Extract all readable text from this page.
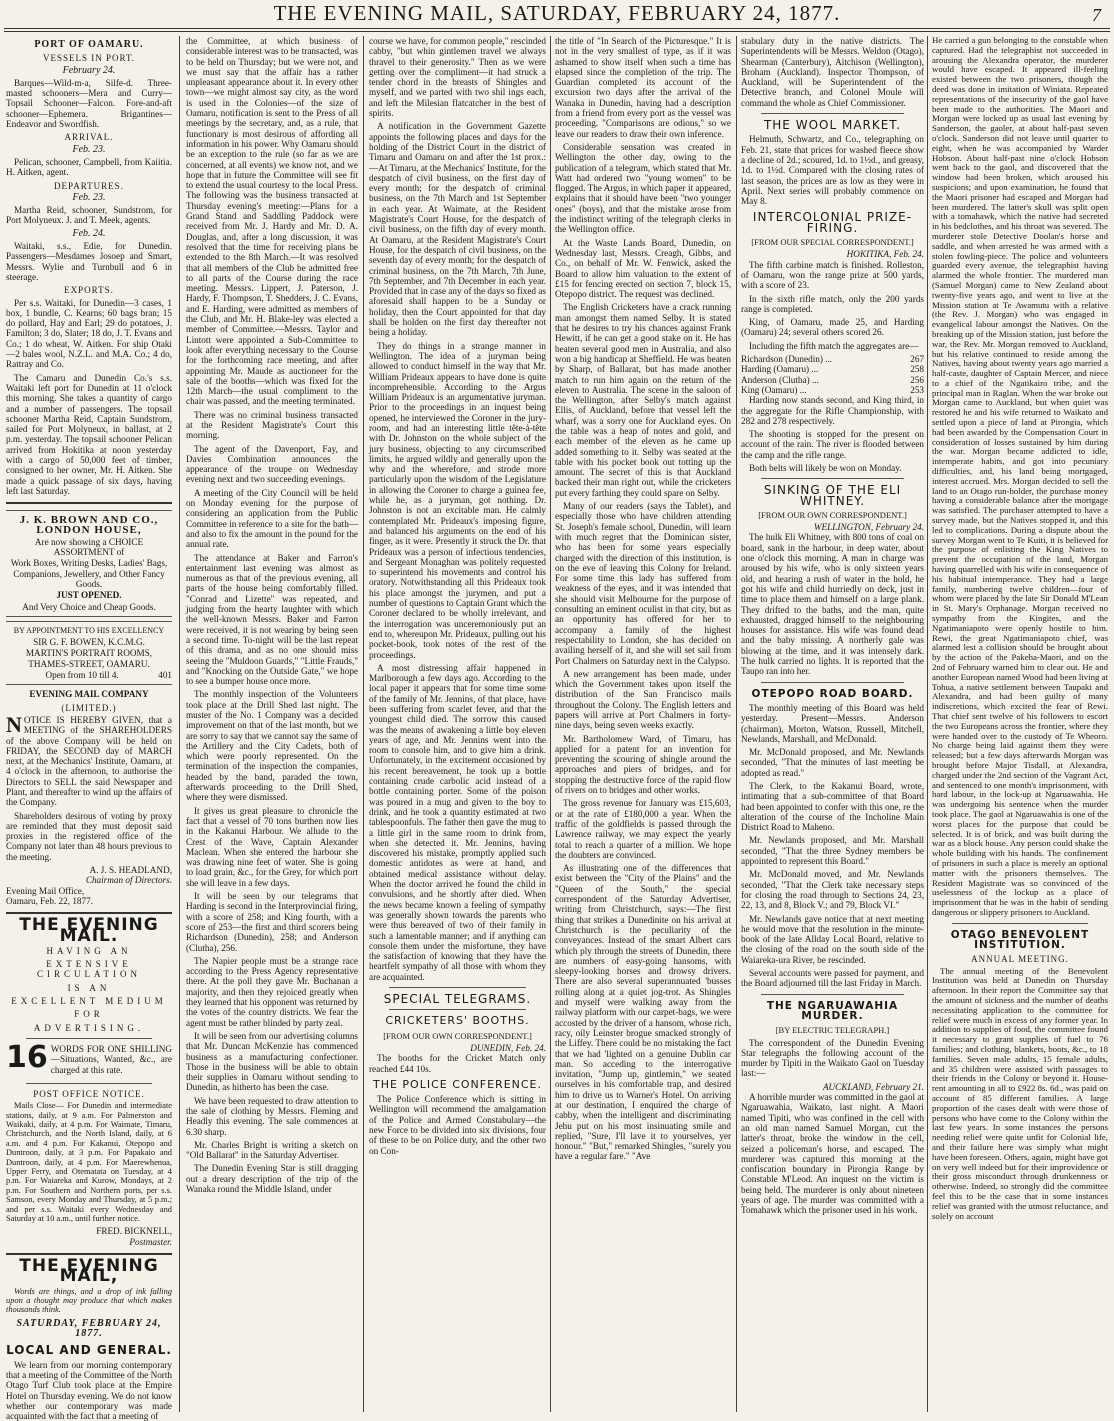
THE EVENING MAIL, SATURDAY, FEBRUARY 24, 1877.	7
PORT OF OAMARU.
VESSELS IN PORT.
February 24.

Barques—Wild-m-a, Silfe-d. Three-masted schooners—Mera and Curry—Topsail Schooner—Falcon. Fore-and-aft schooner—Ephemera. Brigantines—Endeavor and Swordfish.

ARRIVAL.
Feb. 23.

Pelican, schooner, Campbell, from Kaiitia. H. Aitken, agent.

DEPARTURES.
Feb. 23.

Martha Reid, schooner, Sundstrom, for Port Molyneux. J. and T. Meek, agents.

Feb. 24.

Waitaki, s.s., Edie, for Dunedin. Passengers—Mesdames Josoep and Smart, Messrs. Wylie and Turnbull and 6 in steerage.

EXPORTS.

Per s.s. Waitaki, for Dunedin—3 cases, 1 box, 1 bundle, C. Kearns; 60 bags bran; 15 do pollard, Hay and Earl; 29 do potatoes, J. Familton; 3 do, Slater; 18 do, J. T. Evans and Co.; 1 do wheat, W. Aitken. For ship Otaki—2 bales wool, N.Z.L. and M.A. Co.; 4 do, Rattray and Co.

The Camaru and Dunedin Co.'s s.s. Waitaki left port for Dunedin at 11 o'clock this morning. She takes a quantity of cargo and a number of passengers. The topsail schooner Martha Reid, Captain Sundstrom, sailed for Port Molyneux, in ballast, at 2 p.m. yesterday. The topsail schooner Pelican arrived from Hokitika at noon yesterday with a cargo of 50,000 feet of timber, consigned to her owner, Mr. H. Aitken. She made a quick passage of six days, having left last Saturday.

J. K. BROWN AND CO., LONDON HOUSE,
Are now showing a CHOICE ASSORTMENT of
Work Boxes, Writing Desks, Ladies' Bags, Companions, Jewellery, and Other Fancy Goods.
JUST OPENED.
And Very Choice and Cheap Goods.
BY APPOINTMENT TO HIS EXCELLENCY
SIR G. F. BOWEN, K.C.M.G.
MARTIN'S PORTRAIT ROOMS, THAMES-STREET, OAMARU.
Open from 10 till 4.	401
EVENING MAIL COMPANY
(LIMITED.)

NOTICE IS HEREBY GIVEN, that a MEETING of the SHAREHOLDERS of the above Company will be held on FRIDAY, the SECOND day of MARCH next, at the Mechanics' Institute, Oamaru, at 4 o'clock in the afternoon, to authorise the Directors to SELL the said Newspaper and Plant, and thereafter to wind up the affairs of the Company.

Shareholders desirous of voting by proxy are reminded that they must deposit said proxies in the registered office of the Company not later than 48 hours previous to the meeting.

A. J. S. HEADLAND,
Chairman of Directors.
Evening Mail Office,
Oamaru, Feb. 22, 1877.
THE EVENING MAIL.
HAVING AN
EXTENSIVE CIRCULATION
IS AN
EXCELLENT MEDIUM
FOR
ADVERTISING.

16 WORDS FOR ONE SHILLING—Situations, Wanted, &c., are charged at this rate.

POST OFFICE NOTICE.

Mails Close— For Dunedin and intermediate stations, daily, at 9 a.m. For Palmerston and Waikaki, daily, at 4 p.m. For Waimate, Timaru, Christchurch, and the North Island, daily, at 6 a.m. and 4 p.m. For Kakanui, Otepopo and Duntroon, daily, at 3 p.m. For Papakaio and Duntroon, daily, at 4 p.m. For Maerewhenua, Upper Ferry, and Otematata on Tuesday, at 4 p.m. For Waiareka and Kurow, Mondays, at 2 p.m. For Southern and Northern ports, per s.s. Samson, every Monday and Thursday, at 5 p.m.; and per s.s. Waitaki every Wednesday and Saturday at 10 a.m., until further notice.

FRED. BICKNELL,
Postmaster.
THE EVENING MAIL,

Words are things, and a drop of ink falling upon a thought may produce that which makes thousands think.

SATURDAY, FEBRUARY 24, 1877.
LOCAL AND GENERAL.

We learn from our morning contemporary that a meeting of the Committee of the North Otago Turf Club took place at the Empire Hotel on Thursday evening. We do not know whether our contemporary was made acquainted with the fact that a meeting of

the Committee, at which business of considerable interest was to be transacted, was to be held on Thursday; but we were not, and we must say that the affair has a rather unpleasant appearance about it. In every other town—we might almost say city, as the word is used in the Colonies—of the size of Oamaru, notification is sent to the Press of all meetings by the secretary, and, as a rule, that functionary is most desirous of affording all information in his power. Why Oamaru should be an exception to the rule (so far as we are concerned, at all events) we know not, and we hope that in future the Committee will see fit to extend the usual courtesy to the local Press. The following was the business transacted at Thursday evening's meeting:—Plans for a Grand Stand and Saddling Paddock were received from Mr. J. Hardy and Mr. D. A. Douglas, and, after a long discussion, it was resolved that the time for receiving plans be extended to the 8th March.—It was resolved that all members of the Club be admitted free to all parts of the Course during the race meeting. Messrs. Lippert, J. Paterson, J. Hardy, F. Thompson, T. Shedders, J. C. Evans, and E. Harding, were admitted as members of the Club, and Mr. H. Blake-ley was elected a member of Committee.—Messrs. Taylor and Lintott were appointed a Sub-Committee to look after everything necessary to the Course for the forthcoming race meeting, and after appointing Mr. Maude as auctioneer for the sale of the booths—which was fixed for the 12th March—the usual compliment to the chair was passed, and the meeting terminated.

There was no criminal business transacted at the Resident Magistrate's Court this morning.

The agent of the Davenport, Fay, and Davies Combination announces the appearance of the troupe on Wednesday evening next and two succeeding evenings.

A meeting of the City Council will be held on Monday evening for the purpose of considering an application from the Public Committee in reference to a site for the bath—and also to fix the amount in the pound for the annual rate.

The attendance at Baker and Farron's entertainment last evening was almost as numerous as that of the previous evening, all parts of the house being comfortably filled. "Conrad and Lizette" was repeated, and judging from the hearty laughter with which the well-known Messrs. Baker and Farron were received, it is not wearing by being seen a second time. To-night will be the last repeat of this drama, and as no one should miss seeing the "Muldoon Guards," "Little Frauds," and "Knocking on the Outside Gate," we hope to see a bumper house once more.

The monthly inspection of the Volunteers took place at the Drill Shed last night. The muster of the No. 1 Company was a decided improvement on that of the last month, but we are sorry to say that we cannot say the same of the Artillery and the City Cadets, both of which were poorly represented. On the termination of the inspection the companies, headed by the band, paraded the town, afterwards proceeding to the Drill Shed, where they were dismissed.

It gives us great pleasure to chronicle the fact that a vessel of 70 tons burthen now lies in the Kakanui Harbour. We allude to the Crest of the Wave, Captain Alexander Maclean. When she entered the harbour she was drawing nine feet of water. She is going to load grain, &c., for the Grey, for which port she will leave in a few days.

It will be seen by our telegrams that Harding is second in the Interprovincial firing, with a score of 258; and King fourth, with a score of 253—the first and third scorers being Richardson (Dunedin), 258; and Anderson (Clutha), 256.

The Napier people must be a strange race according to the Press Agency representative there. At the poll they gave Mr. Buchanan a majority, and then they rejoiced greatly when they learned that his opponent was returned by the votes of the country districts. We fear the agent must be rather blinded by party zeal.

It will be seen from our advertising columns that Mr. Duncan McKenzie has commenced business as a manufacturing confectioner. Those in the business will be able to obtain their supplies in Oamaru without sending to Dunedin, as hitherto has been the case.

We have been requested to draw attention to the sale of clothing by Messrs. Fleming and Headly this evening. The sale commences at 6.30 sharp.

Mr. Charles Bright is writing a sketch on "Old Ballarat" in the Saturday Advertiser.

The Dunedin Evening Star is still dragging out a dreary description of the trip of the Wanaka round the Middle Island, under

course we have, for common people," rescinded cabby, "but whin gintlemen travel we always thravel to their generosity." Then as we were getting over the compliment—it had struck a tender chord in the breasts of Shingles and myself, and we parted with two shil ings each, and left the Milesian flatcatcher in the best of spirits.

A notification in the Government Gazette appoints the following places and days for the holding of the District Court in the district of Timaru and Oamaru on and after the 1st prox.:—At Timaru, at the Mechanics' Institute, for the despatch of civil business, on the first day of every month; for the despatch of criminal business, on the 7th March and 1st September in each year. At Waimate, at the Resident Magistrate's Court House, for the despatch of civil business, on the fifth day of every month. At Oamaru, at the Resident Magistrate's Court House, for the despatch of civil business, on the seventh day of every month; for the despatch of criminal business, on the 7th March, 7th June, 7th September, and 7th December in each year. Provided that in case any of the days so fixed as aforesaid shall happen to be a Sunday or holiday, then the Court appointed for that day shall be holden on the first day thereafter not being a holiday.

They do things in a strange manner in Wellington. The idea of a juryman being allowed to conduct himself in the way that Mr. William Prideaux appears to have done is quite incomprehensible. According to the Argus William Prideaux is an argumentative juryman. Prior to the proceedings in an inquest being opened, he interviewed the Coroner in the jury-room, and had an interesting little tête-à-tête with Dr. Johnston on the whole subject of the jury business, objecting to any circumscribed limits, he argued wildly and generally upon the why and the wherefore, and strode more particularly upon the wisdom of the Legislature in allowing the Coroner to charge a guinea fee, while he, as a juryman, got nothing. Dr. Johnston is not an excitable man. He calmly contemplated Mr. Prideaux's imposing figure, and balanced his arguments on the end of his finger, as it were. Presently it struck the Dr. that Prideaux was a person of infectious tendencies, and Sergeant Monaghan was politely requested to superintend his movements and control his oratory. Notwithstanding all this Prideaux took his place amongst the jurymen, and put a number of questions to Captain Grant which the Coroner declared to be wholly irrelevant, and the interrogation was unceremoniously put an end to, whereupon Mr. Prideaux, pulling out his pocket-book, took notes of the rest of the proceedings.

A most distressing affair happened in Marlborough a few days ago. According to the local paper it appears that for some time some of the family of Mr. Jennins, of that place, have been suffering from scarlet fever, and that the youngest child died. The sorrow this caused was the means of awakening a little boy eleven years of age, and Mr. Jennins went into the room to console him, and to give him a drink. Unfortunately, in the excitement occasioned by his recent bereavement, he took up a bottle containing crude carbolic acid instead of a bottle containing porter. Some of the poison was poured in a mug and given to the boy to drink, and he took a quantity estimated at two tablespoonfuls. The father then gave the mug to a little girl in the same room to drink from, when she detected it. Mr. Jennins, having discovered his mistake, promptly applied such domestic antidotes as were at hand, and obtained medical assistance without delay. When the doctor arrived he found the child in convulsions, and he shortly after died. When the news became known a feeling of sympathy was generally shown towards the parents who were thus bereaved of two of their family in such a lamentable manner; and if anything can console them under the misfortune, they have the satisfaction of knowing that they have the heartfelt sympathy of all those with whom they are acquainted.

SPECIAL TELEGRAMS.
CRICKETERS' BOOTHS.
[FROM OUR OWN CORRESPONDENT.]
DUNEDIN, Feb. 24.

The booths for the Cricket Match only reached £44 10s.

THE POLICE CONFERENCE.

The Police Conference which is sitting in Wellington will recommend the amalgamation of the Police and Armed Constabulary—the new Force to be divided into six divisions, four of these to be on Police duty, and the other two on Con-

the title of "In Search of the Picturesque." It is not in the very smallest of type, as if it was ashamed to show itself when such a time has elapsed since the completion of the trip. The Guardian completed its account of the excursion two days after the arrival of the Wanaka in Dunedin, having had a description from a friend from every port as the vessel was proceeding. "Comparisons are odious," so we leave our readers to draw their own inference.

Considerable sensation was created in Wellington the other day, owing to the publication of a telegram, which stated that Mr. Watt had ordered two "young women" to be flogged. The Argus, in which paper it appeared, explains that it should have been "two younger ones" (boys), and that the mistake arose from the indistinct writing of the telegraph clerks in the Wellington office.

At the Waste Lands Board, Dunedin, on Wednesday last, Messrs. Creagh, Gibbs, and Co., on behalf of Mr. W. Fenwick, asked the Board to allow him valuation to the extent of £15 for fencing erected on section 7, block 15, Otepopo district. The request was declined.

The English Cricketers have a crack running man amongst them named Selby. It is stated that he desires to try his chances against Frank Hewitt, if he can get a good stake on it. He has beaten several good men in Australia, and also won a big handicap at Sheffield. He was beaten by Sharp, of Ballarat, but has made another match to run him again on the return of the eleven to Australia. The scene in the saloon of the Wellington, after Selby's match against Ellis, of Auckland, before that vessel left the wharf, was a sorry one for Auckland eyes. On the table was a heap of notes and gold, and each member of the eleven as he came up added something to it. Selby was seated at the table with his pocket book out totting up the amount. The secret of this is that Auckland backed their man right out, while the cricketers put every farthing they could spare on Selby.

Many of our readers (says the Tablet), and especially those who have children attending St. Joseph's female school, Dunedin, will learn with much regret that the Dominican sister, who has been for some years especially charged with the direction of this institution, is on the eve of leaving this Colony for Ireland. For some time this lady has suffered from weakness of the eyes, and it was intended that she should visit Melbourne for the purpose of consulting an eminent oculist in that city, but as an opportunity has offered for her to accompany a family of the highest respectability to London, she has decided on availing herself of it, and she will set sail from Port Chalmers on Saturday next in the Calypso.

A new arrangement has been made, under which the Government takes upon itself the distribution of the San Francisco mails throughout the Colony. The English letters and papers will arrive at Port Chalmers in forty-nine days, being seven weeks exactly.

Mr. Bartholomew Ward, of Timaru, has applied for a patent for an invention for preventing the scouring of shingle around the approaches and piers of bridges, and for stopping the destructive force of the rapid flow of rivers on to bridges and other works.

The gross revenue for January was £15,603, or at the rate of £180,000 a year. When the traffic of the goldfields is passed through the Lawrence railway, we may expect the yearly total to reach a quarter of a million. We hope the doubters are convinced.

As illustrating one of the differences that exist between the "City of the Plains" and the "Queen of the South," the special correspondent of the Saturday Advertiser, writing from Christchurch, says:—The first thing that strikes a Dunedinite on his arrival at Christchurch is the peculiarity of the conveyances. Instead of the smart Albert cars which ply through the streets of Dunedin, there are numbers of easy-going hansoms, with sleepy-looking horses and drowsy drivers. There are also several superannuated 'busses rolling along at a quiet jog-trot. As Shingles and myself were walking away from the railway platform with our carpet-bags, we were accosted by the driver of a hansom, whose rich, racy, oily Leinster brogue smacked strongly of the Liffey. There could be no mistaking the fact that we had 'lighted on a genuine Dublin car man. So acceding to the interrogative invitation, "Jump up, gintlemin," we seated ourselves in his comfortable trap, and desired him to drive us to Warner's Hotel. On arriving at our destination, I enquired the charge of cabby, when the intelligent and discriminating Jehu put on his most insinuating smile and replied, "Sure, I'll lave it to yourselves, yer honour." "But," remarked Shingles, "surely you have a regular fare." "Ave

stabulary duty in the native districts. The Superintendents will be Messrs. Weldon (Otago), Shearman (Canterbury), Aitchison (Wellington), Broham (Auckland). Inspector Thompson, of Auckland, will be Superintendent of the Detective branch, and Colonel Moule will command the whole as Chief Commissioner.

THE WOOL MARKET.

Helmuth, Schwartz, and Co., telegraphing on Feb. 21, state that prices for washed fleece show a decline of 2d.; scoured, 1d. to 1½d., and greasy, 1d. to 1½d. Compared with the closing rates of last season, the prices are as low as they were in April. Next series will probably commence on May 8.

INTERCOLONIAL PRIZE-FIRING.
[FROM OUR SPECIAL CORRESPONDENT.]
HOKITIKA, Feb. 24.

The fifth carbine match is finished. Rolleston, of Oamaru, won the range prize at 500 yards, with a score of 23.

In the sixth rifle match, only the 200 yards range is completed.

King, of Oamaru, made 25, and Harding (Oamaru) 24; several others scored 26.

Including the fifth match the aggregates are—

Richardson (Dunedin) ...	267
Harding (Oamaru) ...	258
Anderson (Clutha) ...	256
King (Oamaru) ...	253

Harding now stands second, and King third, in the aggregate for the Rifle Championship, with 282 and 278 respectively.

The shooting is stopped for the present on account of the rain. The river is flooded between the camp and the rifle range.

Both belts will likely be won on Monday.

SINKING OF THE ELI WHITNEY.
[FROM OUR OWN CORRESPONDENT.]
WELLINGTON, February 24.

The hulk Eli Whitney, with 800 tons of coal on board, sank in the harbour, in deep water, about one o'clock this morning. A man in charge was aroused by his wife, who is only sixteen years old, and hearing a rush of water in the hold, he got his wife and child hurriedly on deck, just in time to place them and himself on a large plank. They drifted to the baths, and the man, quite exhausted, dragged himself to the neighbouring houses for assistance. His wife was found dead and the baby missing. A northerly gale was blowing at the time, and it was intensely dark. The hulk carried no lights. It is reported that the Taupo ran into her.

OTEPOPO ROAD BOARD.

The monthly meeting of this Board was held yesterday. Present—Messrs. Anderson (chairman), Morton, Watson, Russell, Mitchell, Newlands, Marshall, and McDonald.

Mr. McDonald proposed, and Mr. Newlands seconded, "That the minutes of last meeting be adopted as read."

The Clerk, to the Kakanui Board, wrote, intimating that a sub-committee of that Board had been appointed to confer with this one, re the alteration of the course of the Incholine Main District Road to Maheno.

Mr. Newlands proposed, and Mr. Marshall seconded, "That the three Sydney members be appointed to represent this Board."

Mr. McDonald moved, and Mr. Newlands seconded, "That the Clerk take necessary steps for closing the road through to Sections 24, 23, 22, 13, and 8, Block V.; and 79, Block VI."

Mr. Newlands gave notice that at next meeting he would move that the resolution in the minute-book of the late Allday Local Board, relative to the closing of the road on the south side of the Waiareka-ura River, be rescinded.

Several accounts were passed for payment, and the Board adjourned till the last Friday in March.

THE NGARUAWAHIA MURDER.
[BY ELECTRIC TELEGRAPH.]

The correspondent of the Dunedin Evening Star telegraphs the following account of the murder by Tipiti in the Waikato Gaol on Tuesday last:—

AUCKLAND, February 21.

A horrible murder was committed in the gaol at Ngaruawahia, Waikato, last night. A Maori named Tipiti, who was confined in the cell with an old man named Samuel Morgan, cut the latter's throat, broke the window in the cell, seized a policeman's horse, and escaped. The murderer was captured this morning at the confiscation boundary in Pirongia Range by Constable M'Leod. An inquest on the victim is being held. The murderer is only about nineteen years of age. The murder was committed with a Tomahawk which the prisoner used in his work.

He carried a gun belonging to the constable when captured. Had the telegraphist not succeeded in arousing the Alexandra operator, the murderer would have escaped. It appeared ill-feeling existed between the two prisoners, though the deed was done in imitation of Winiata. Repeated representations of the insecurity of the gaol have been made to the authorities. The Maori and Morgan were locked up as usual last evening by Sanderson, the gaoler, at about half-past seven o'clock. Sanderson did not leave until quarter to eight, when he was accompanied by Warder Hobson. About half-past nine o'clock Hobson went back to the gaol, and discovered that the window had been broken, which aroused his suspicions; and upon examination, he found that the Maori prisoner had escaped and Morgan had been murdered. The latter's skull was split open with a tomahawk, which the native had secreted in his bedclothes, and his throat was severed. The murderer stole Detective Doolan's horse and saddle, and when arrested he was armed with a stolen fowling-piece. The police and volunteers guarded every avenue, the telegraphist having alarmed the whole frontier. The murdered man (Samuel Morgan) came to New Zealand about twenty-five years ago, and went to live at the Mission station at Te Awamutu with a relative (the Rev. J. Morgan) who was engaged in evangelical labour amongst the Natives. On the breaking up of the Mission station, just before the war, the Rev. Mr. Morgan removed to Auckland, but his relative continued to reside among the Natives, having about twenty years ago married a half-caste, daughter of Captain Mercer, and niece to a chief of the Ngatikairo tribe, and the principal man in Raglan. When the war broke out Morgan came to Auckland, but when quiet was restored he and his wife returned to Waikato and settled upon a piece of land at Pirongia, which had been awarded by the Compensation Court in consideration of losses sustained by him during the war. Morgan became addicted to idle, intemperate habits, and got into pecuniary difficulties, and, his land being mortgaged, interest accrued. Mrs. Morgan decided to sell the land to an Otago run-holder, the purchase money having a considerable balance after the mortgage was satisfied. The purchaser attempted to have a survey made, but the Natives stopped it, and this led to complications. During a dispute about the survey Morgan went to Te Kuiti, it is believed for the purpose of enlisting the King Natives to prevent the occupation of the land, Morgan having quarrelled with his wife in consequence of his habitual intemperance. They had a large family, numbering twelve children—four of whom were placed by the late Sir Donald M'Lean in St. Mary's Orphanage. Morgan received no sympathy from the Kingites, and the Ngatimaniapoto were openly hostile to him. Rewi, the great Ngatimaniapoto chief, was alarmed lest a collision should be brought about by the action of the Pakeha-Maori, and on the 2nd of February warned him to clear out. He and another European named Wood had been living at Tohua, a native settlement between Taupaki and Alexandra, and had been guilty of many indiscretions, which excited the fear of Rewi. That chief sent twelve of his followers to escort the two Europeans across the frontier, where they were handed over to the custody of Te Wheoro. No charge being laid against them they were released; but a few days afterwards Morgan was brought before Major Tisdall, at Alexandra, charged under the 2nd section of the Vagrant Act, and sentenced to one month's imprisonment, with hard labour, in the lock-up at Ngaruawahia. He was undergoing his sentence when the murder took place. The gaol at Ngaruawahia is one of the worst places for the purpose that could be selected. It is of brick, and was built during the war as a block house. Any person could shake the whole building with his hands. The confinement of prisoners in such a place is merely an optional matter with the prisoners themselves. The Resident Magistrate was so convinced of the uselessness of the lockup as a place of imprisonment that he was in the habit of sending dangerous or slippery prisoners to Auckland.

OTAGO BENEVOLENT INSTITUTION.
ANNUAL MEETING.

The annual meeting of the Benevolent Institution was held at Dunedin on Thursday afternoon. In their report the Committee say that the amount of sickness and the number of deaths necessitating application to the committee for relief were much in excess of any former year. In addition to supplies of food, the committee found it necessary to grant supplies of fuel to 76 families; and clothing, blankets, boots, &c., to 18 families. Seven male adults, 15 female adults, and 35 children were assisted with passages to their friends in the Colony or beyond it. House-rent amounting in all to £922 8s. 6d., was paid on account of 85 different families. A large proportion of the cases dealt with were those of persons who have come to the Colony within the last few years. In some instances the persons needing relief were quite unfit for Colonial life, and their failure here was simply what might have been foreseen. Others, again, might have got on very well indeed but for their improvidence or their gross misconduct through drunkenness or otherwise. Indeed, so strongly did the committee feel this to be the case that in some instances relief was granted with the utmost reluctance, and solely on account
